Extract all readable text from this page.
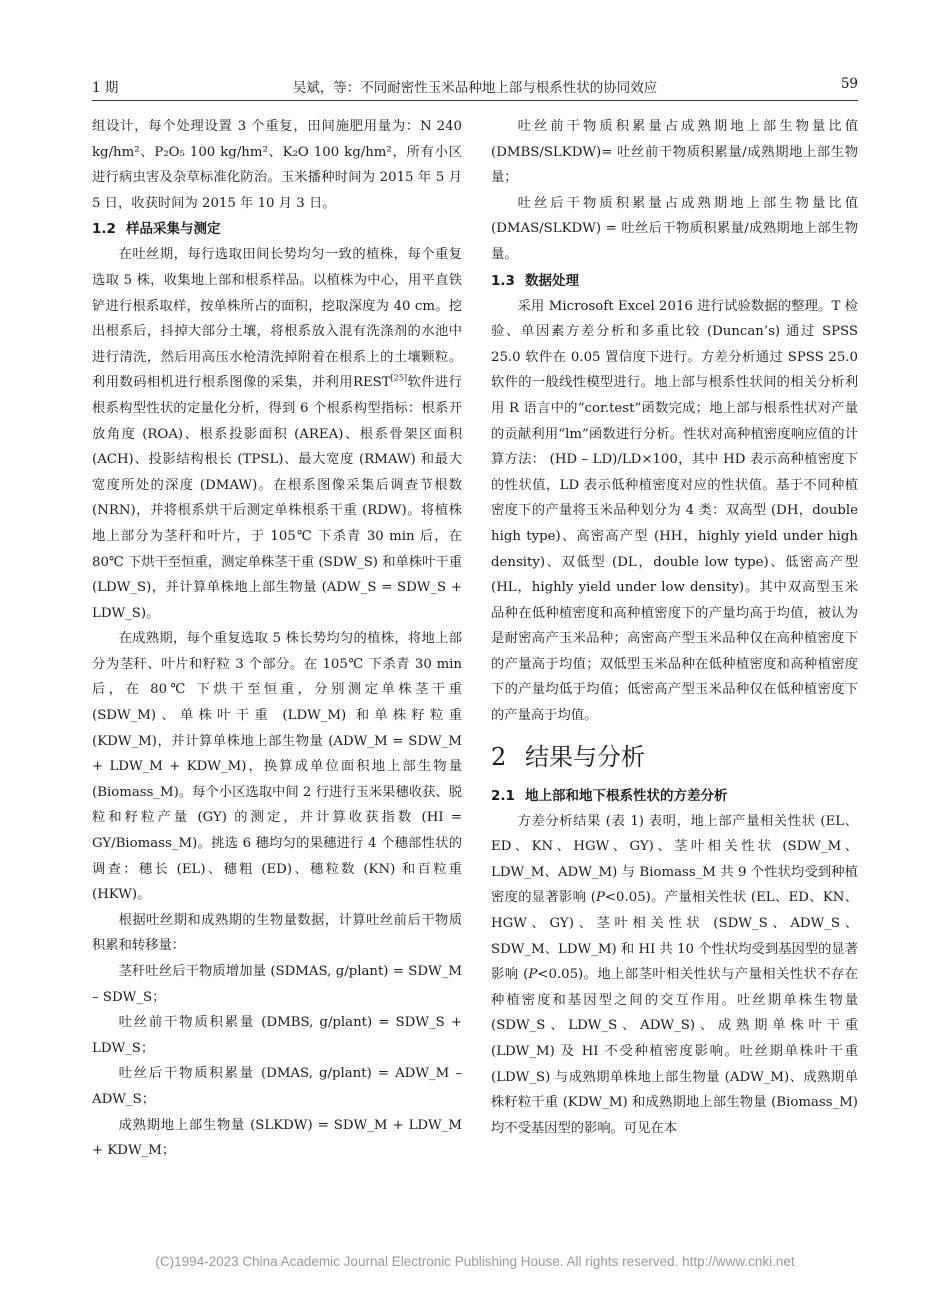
1 期	吴斌，等：不同耐密性玉米品种地上部与根系性状的协同效应	59

组设计，每个处理设置 3 个重复，田间施肥用量为：N 240 kg/hm²、P₂O₅ 100 kg/hm²、K₂O 100 kg/hm²，所有小区进行病虫害及杂草标准化防治。玉米播种时间为 2015 年 5 月 5 日，收获时间为 2015 年 10 月 3 日。

1.2 样品采集与测定

在吐丝期，每行选取田间长势均匀一致的植株，每个重复选取 5 株，收集地上部和根系样品。以植株为中心，用平直铁铲进行根系取样，按单株所占的面积，挖取深度为 40 cm。挖出根系后，抖掉大部分土壤，将根系放入混有洗涤剂的水池中进行清洗，然后用高压水枪清洗掉附着在根系上的土壤颗粒。利用数码相机进行根系图像的采集，并利用REST[25]软件进行根系构型性状的定量化分析，得到 6 个根系构型指标：根系开放角度 (ROA)、根系投影面积 (AREA)、根系骨架区面积 (ACH)、投影结构根长 (TPSL)、最大宽度 (RMAW) 和最大宽度所处的深度 (DMAW)。在根系图像采集后调查节根数 (NRN)，并将根系烘干后测定单株根系干重 (RDW)。将植株地上部分为茎秆和叶片，于 105℃ 下杀青 30 min 后，在 80℃ 下烘干至恒重，测定单株茎干重 (SDW_S) 和单株叶干重 (LDW_S)，并计算单株地上部生物量 (ADW_S = SDW_S + LDW_S)。

在成熟期，每个重复选取 5 株长势均匀的植株，将地上部分为茎秆、叶片和籽粒 3 个部分。在 105℃ 下杀青 30 min 后，在 80℃ 下烘干至恒重，分别测定单株茎干重 (SDW_M)、单株叶干重 (LDW_M) 和单株籽粒重 (KDW_M)，并计算单株地上部生物量 (ADW_M = SDW_M + LDW_M + KDW_M)，换算成单位面积地上部生物量 (Biomass_M)。每个小区选取中间 2 行进行玉米果穗收获、脱粒和籽粒产量 (GY) 的测定，并计算收获指数 (HI = GY/Biomass_M)。挑选 6 穗均匀的果穗进行 4 个穗部性状的调查：穗长 (EL)、穗粗 (ED)、穗粒数 (KN) 和百粒重 (HKW)。

根据吐丝期和成熟期的生物量数据，计算吐丝前后干物质积累和转移量：

茎秆吐丝后干物质增加量 (SDMAS, g/plant) = SDW_M – SDW_S；

吐丝前干物质积累量 (DMBS, g/plant) = SDW_S + LDW_S；

吐丝后干物质积累量 (DMAS, g/plant) = ADW_M – ADW_S；

成熟期地上部生物量 (SLKDW) = SDW_M + LDW_M + KDW_M；

吐丝前干物质积累量占成熟期地上部生物量比值 (DMBS/SLKDW)= 吐丝前干物质积累量/成熟期地上部生物量；

吐丝后干物质积累量占成熟期地上部生物量比值 (DMAS/SLKDW) = 吐丝后干物质积累量/成熟期地上部生物量。

1.3 数据处理

采用 Microsoft Excel 2016 进行试验数据的整理。T 检验、单因素方差分析和多重比较 (Duncan’s) 通过 SPSS 25.0 软件在 0.05 置信度下进行。方差分析通过 SPSS 25.0 软件的一般线性模型进行。地上部与根系性状间的相关分析利用 R 语言中的“cor.test”函数完成；地上部与根系性状对产量的贡献利用“lm”函数进行分析。性状对高种植密度响应值的计算方法： (HD – LD)/LD×100，其中 HD 表示高种植密度下的性状值，LD 表示低种植密度对应的性状值。基于不同种植密度下的产量将玉米品种划分为 4 类：双高型 (DH，double high type)、高密高产型 (HH，highly yield under high density)、双低型 (DL，double low type)、低密高产型 (HL，highly yield under low density)。其中双高型玉米品种在低种植密度和高种植密度下的产量均高于均值，被认为是耐密高产玉米品种；高密高产型玉米品种仅在高种植密度下的产量高于均值；双低型玉米品种在低种植密度和高种植密度下的产量均低于均值；低密高产型玉米品种仅在低种植密度下的产量高于均值。

2 结果与分析
2.1 地上部和地下根系性状的方差分析

方差分析结果 (表 1) 表明，地上部产量相关性状 (EL、ED、KN、HGW、GY)、茎叶相关性状 (SDW_M、LDW_M、ADW_M) 与 Biomass_M 共 9 个性状均受到种植密度的显著影响 (P<0.05)。产量相关性状 (EL、ED、KN、HGW、GY)、茎叶相关性状 (SDW_S、ADW_S、SDW_M、LDW_M) 和 HI 共 10 个性状均受到基因型的显著影响 (P<0.05)。地上部茎叶相关性状与产量相关性状不存在种植密度和基因型之间的交互作用。吐丝期单株生物量 (SDW_S、LDW_S、ADW_S)、成熟期单株叶干重 (LDW_M) 及 HI 不受种植密度影响。吐丝期单株叶干重 (LDW_S) 与成熟期单株地上部生物量 (ADW_M)、成熟期单株籽粒干重 (KDW_M) 和成熟期地上部生物量 (Biomass_M) 均不受基因型的影响。可见在本

(C)1994-2023 China Academic Journal Electronic Publishing House. All rights reserved. http://www.cnki.net
